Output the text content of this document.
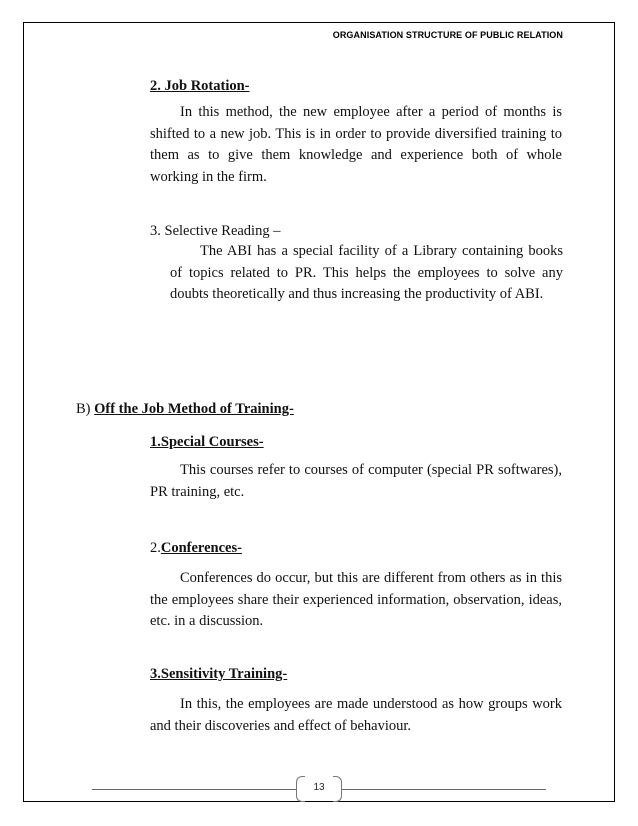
ORGANISATION STRUCTURE OF PUBLIC RELATION
2. Job Rotation-

In this method, the new employee after a period of months is shifted to a new job. This is in order to provide diversified training to them as to give them knowledge and experience both of whole working in the firm.

3. Selective Reading –

The ABI has a special facility of a Library containing books of topics related to PR. This helps the employees to solve any doubts theoretically and thus increasing the productivity of ABI.

B) Off the Job Method of Training-
1.Special Courses-

This courses refer to courses of computer (special PR softwares), PR training, etc.

2.Conferences-

Conferences do occur, but this are different from others as in this the employees share their experienced information, observation, ideas, etc. in a discussion.

3.Sensitivity Training-

In this, the employees are made understood as how groups work and their discoveries and effect of behaviour.

13
